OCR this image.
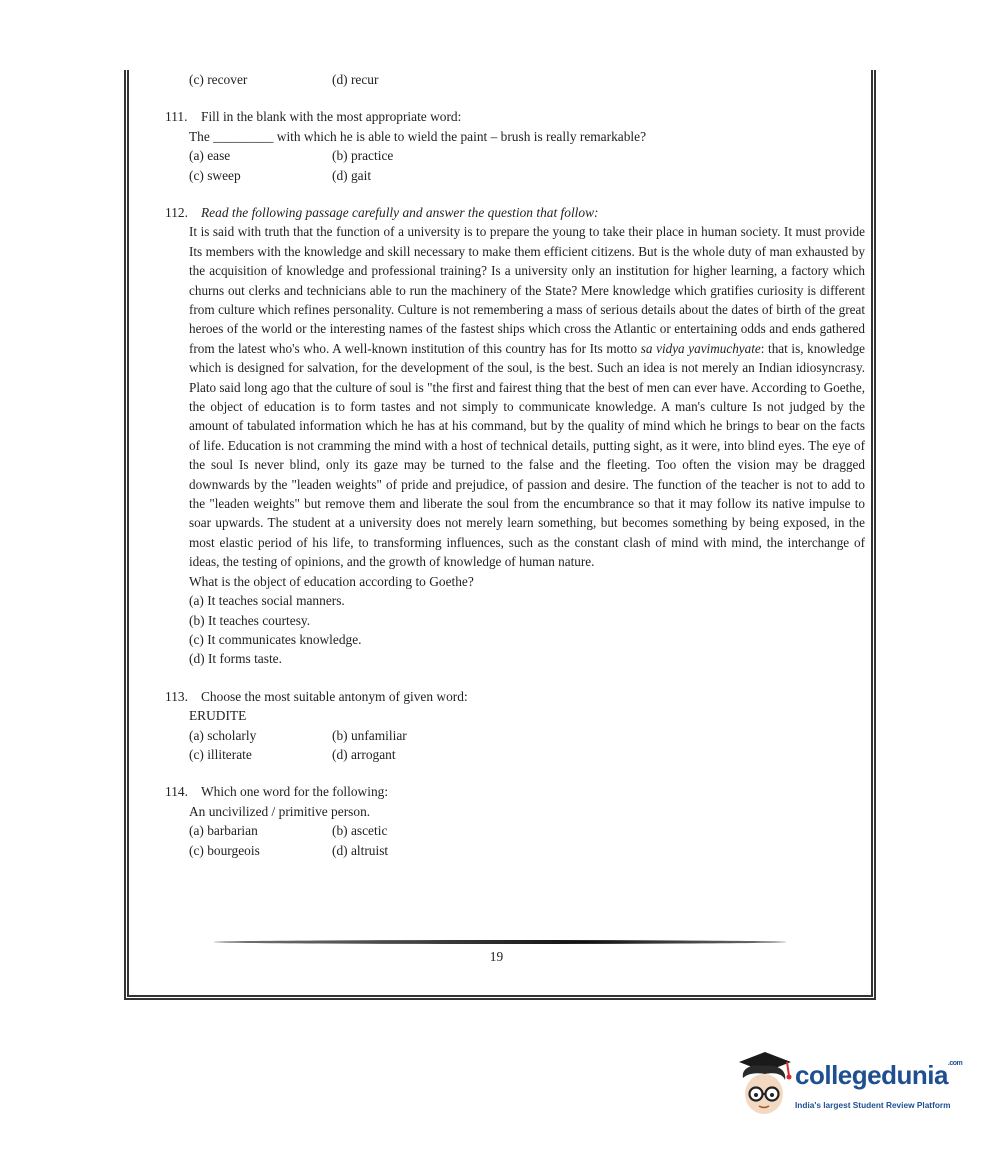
(c) recover	(d) recur
111. Fill in the blank with the most appropriate word:
The _________ with which he is able to wield the paint – brush is really remarkable?
(a) ease	(b) practice
(c) sweep	(d) gait
112. Read the following passage carefully and answer the question that follow:

It is said with truth that the function of a university is to prepare the young to take their place in human society. It must provide Its members with the knowledge and skill necessary to make them efficient citizens. But is the whole duty of man exhausted by the acquisition of knowledge and professional training? Is a university only an institution for higher learning, a factory which churns out clerks and technicians able to run the machinery of the State? Mere knowledge which gratifies curiosity is different from culture which refines personality. Culture is not remembering a mass of serious details about the dates of birth of the great heroes of the world or the interesting names of the fastest ships which cross the Atlantic or entertaining odds and ends gathered from the latest who's who. A well-known institution of this country has for Its motto sa vidya yavimuchyate: that is, knowledge which is designed for salvation, for the development of the soul, is the best. Such an idea is not merely an Indian idiosyncrasy. Plato said long ago that the culture of soul is "the first and fairest thing that the best of men can ever have. According to Goethe, the object of education is to form tastes and not simply to communicate knowledge. A man's culture Is not judged by the amount of tabulated information which he has at his command, but by the quality of mind which he brings to bear on the facts of life. Education is not cramming the mind with a host of technical details, putting sight, as it were, into blind eyes. The eye of the soul Is never blind, only its gaze may be turned to the false and the fleeting. Too often the vision may be dragged downwards by the "leaden weights" of pride and prejudice, of passion and desire. The function of the teacher is not to add to the "leaden weights" but remove them and liberate the soul from the encumbrance so that it may follow its native impulse to soar upwards. The student at a university does not merely learn something, but becomes something by being exposed, in the most elastic period of his life, to transforming influences, such as the constant clash of mind with mind, the interchange of ideas, the testing of opinions, and the growth of knowledge of human nature.

What is the object of education according to Goethe?
(a) It teaches social manners.
(b) It teaches courtesy.
(c) It communicates knowledge.
(d) It forms taste.
113. Choose the most suitable antonym of given word:
ERUDITE
(a) scholarly	(b) unfamiliar
(c) illiterate	(d) arrogant
114. Which one word for the following:
An uncivilized / primitive person.
(a) barbarian	(b) ascetic
(c) bourgeois	(d) altruist
19
collegedunia$^{.com}$
India's largest Student Review Platform
